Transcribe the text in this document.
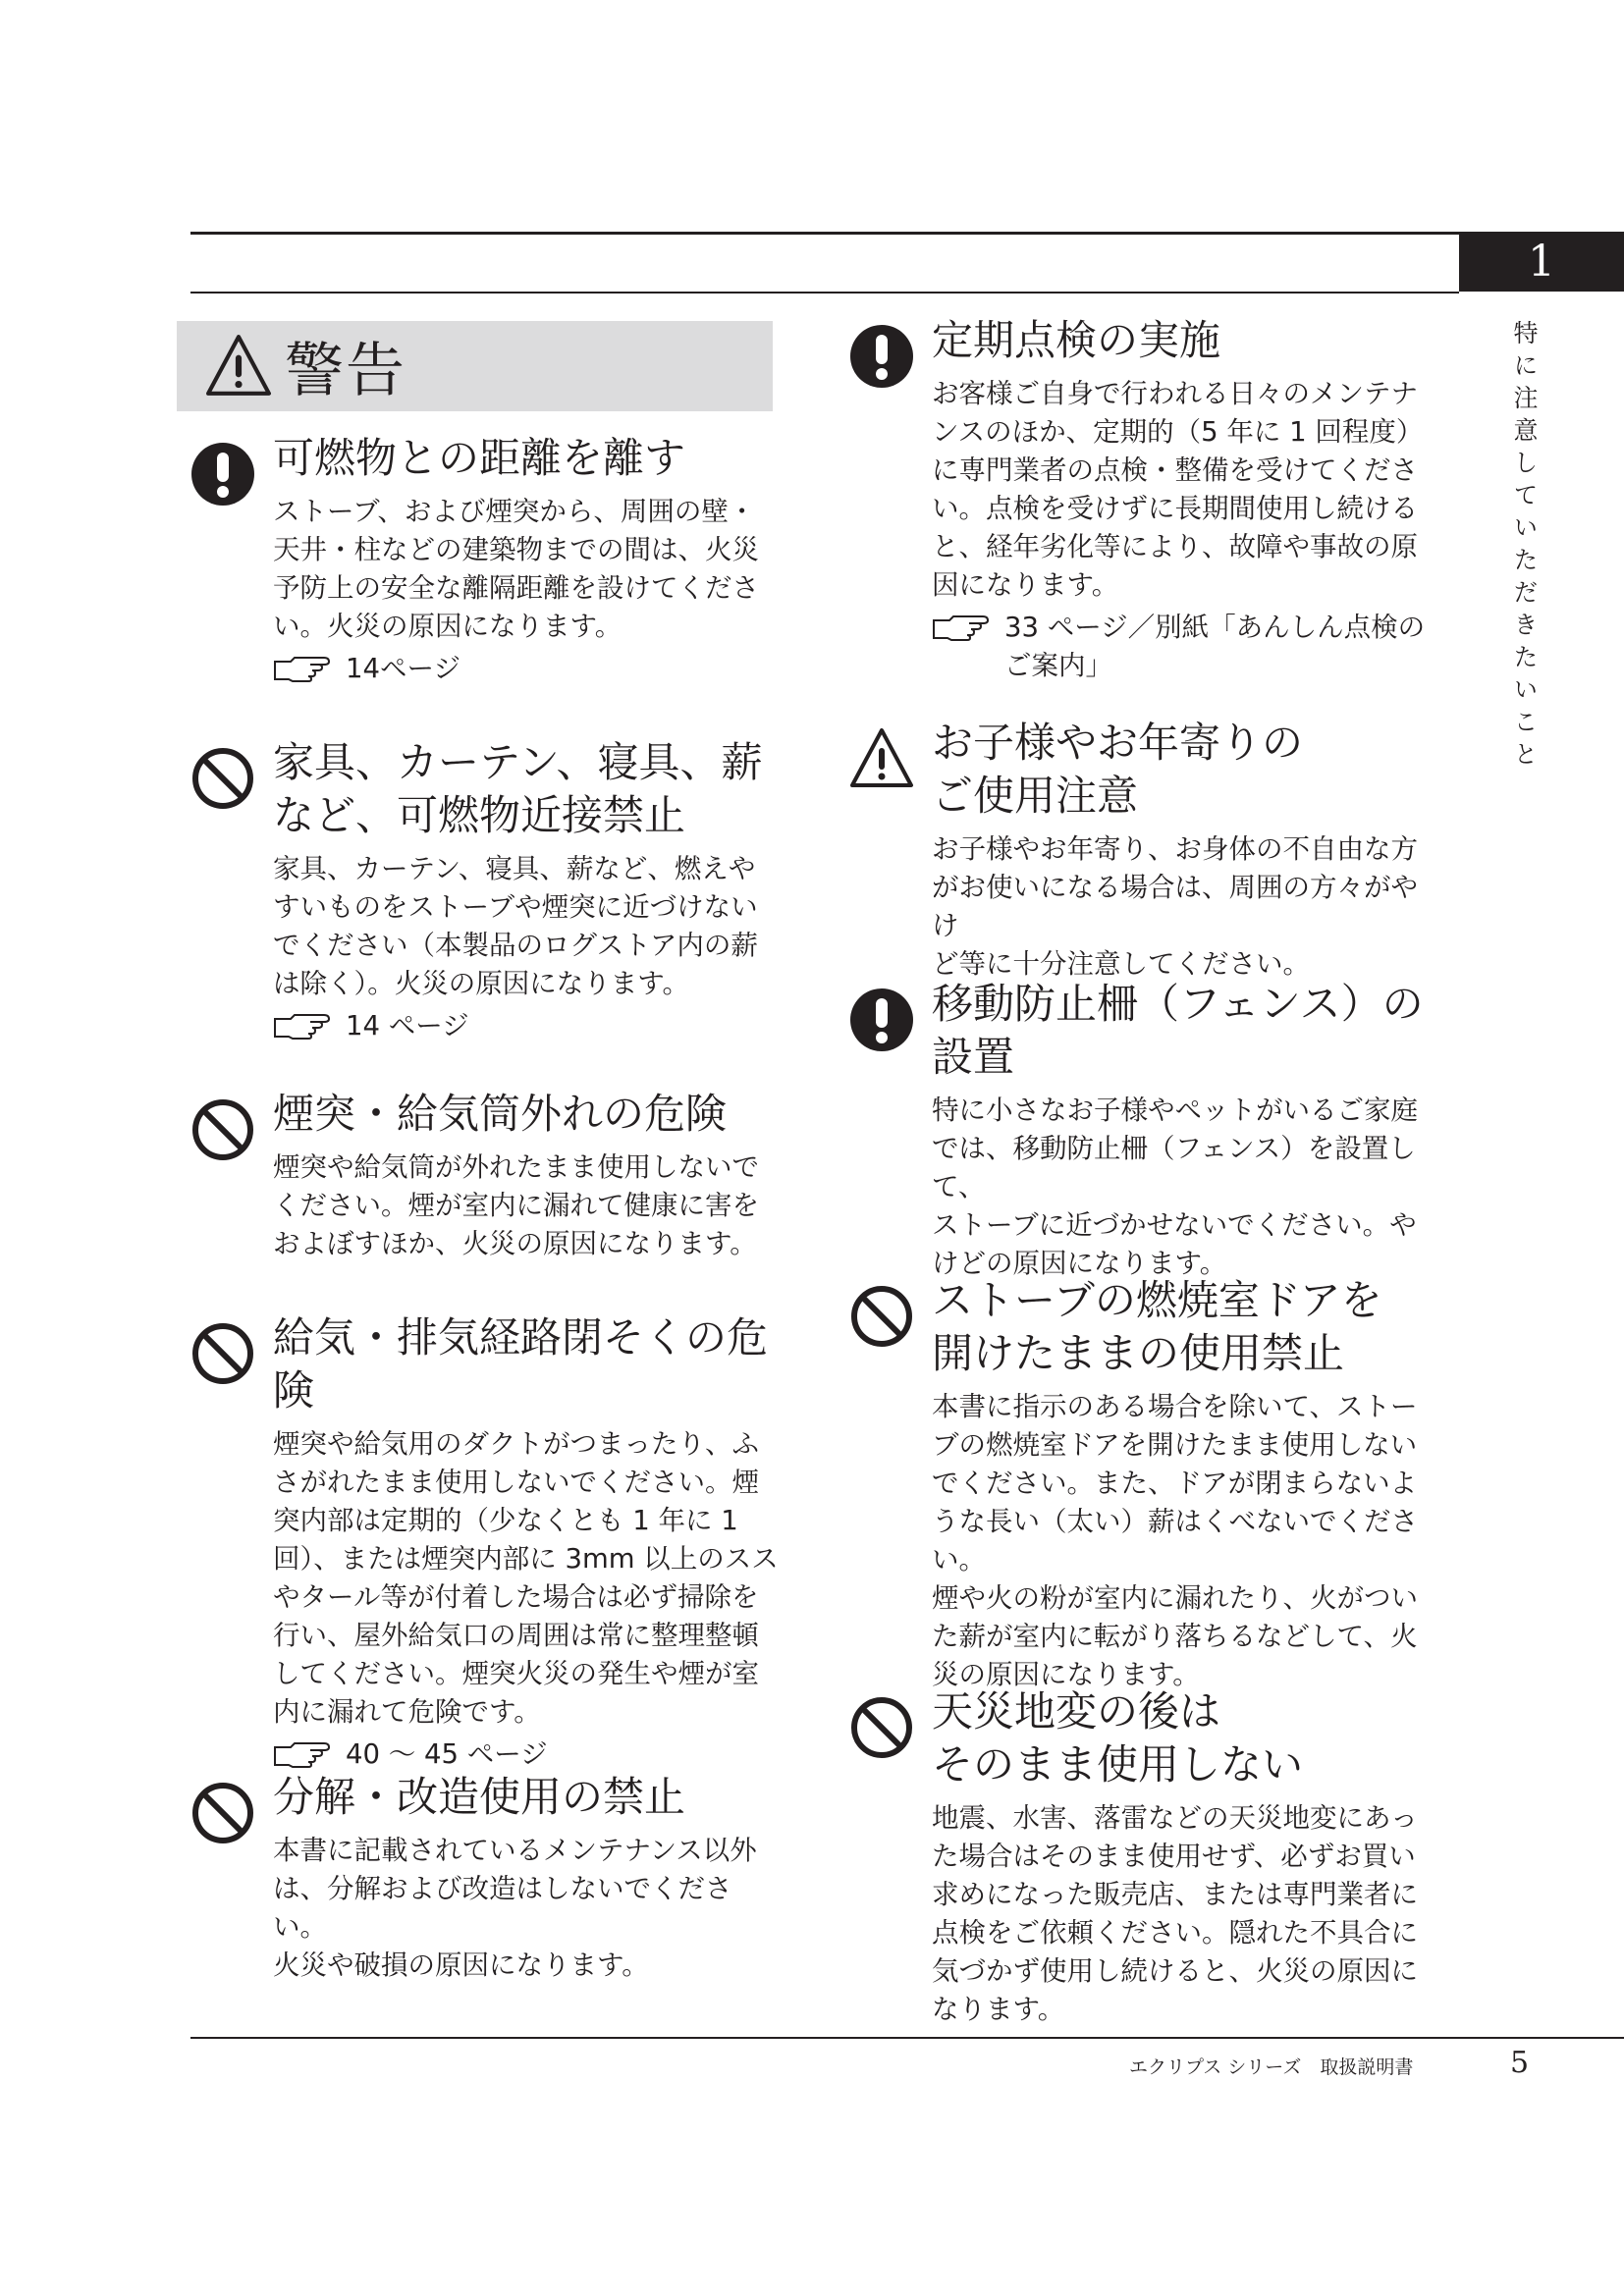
1
特に注意していただきたいこと
警告
可燃物との距離を離す

ストーブ、および煙突から、周囲の壁・
天井・柱などの建築物までの間は、火災
予防上の安全な離隔距離を設けてくださ
い。火災の原因になります。

14ページ
家具、カーテン、寝具、薪
など、可燃物近接禁止

家具、カーテン、寝具、薪など、燃えや
すいものをストーブや煙突に近づけない
でください（本製品のログストア内の薪
は除く）。火災の原因になります。

14 ページ
煙突・給気筒外れの危険

煙突や給気筒が外れたまま使用しないで
ください。煙が室内に漏れて健康に害を
およぼすほか、火災の原因になります。

給気・排気経路閉そくの危険

煙突や給気用のダクトがつまったり、ふ
さがれたまま使用しないでください。煙
突内部は定期的（少なくとも 1 年に 1
回）、または煙突内部に 3mm 以上のスス
やタール等が付着した場合は必ず掃除を
行い、屋外給気口の周囲は常に整理整頓
してください。煙突火災の発生や煙が室
内に漏れて危険です。

40 ～ 45 ページ
分解・改造使用の禁止

本書に記載されているメンテナンス以外
は、分解および改造はしないでください。
火災や破損の原因になります。

定期点検の実施

お客様ご自身で行われる日々のメンテナ
ンスのほか、定期的（5 年に 1 回程度）
に専門業者の点検・整備を受けてくださ
い。点検を受けずに長期間使用し続ける
と、経年劣化等により、故障や事故の原
因になります。

33 ページ／別紙「あんしん点検の
ご案内」
お子様やお年寄りの
ご使用注意

お子様やお年寄り、お身体の不自由な方
がお使いになる場合は、周囲の方々がやけ
ど等に十分注意してください。

移動防止柵（フェンス）の
設置

特に小さなお子様やペットがいるご家庭
では、移動防止柵（フェンス）を設置して、
ストーブに近づかせないでください。や
けどの原因になります。

ストーブの燃焼室ドアを
開けたままの使用禁止

本書に指示のある場合を除いて、ストー
ブの燃焼室ドアを開けたまま使用しない
でください。また、ドアが閉まらないよ
うな長い（太い）薪はくべないでください。
煙や火の粉が室内に漏れたり、火がつい
た薪が室内に転がり落ちるなどして、火
災の原因になります。

天災地変の後は
そのまま使用しない

地震、水害、落雷などの天災地変にあっ
た場合はそのまま使用せず、必ずお買い
求めになった販売店、または専門業者に
点検をご依頼ください。隠れた不具合に
気づかず使用し続けると、火災の原因に
なります。

エクリプス シリーズ　取扱説明書	5
